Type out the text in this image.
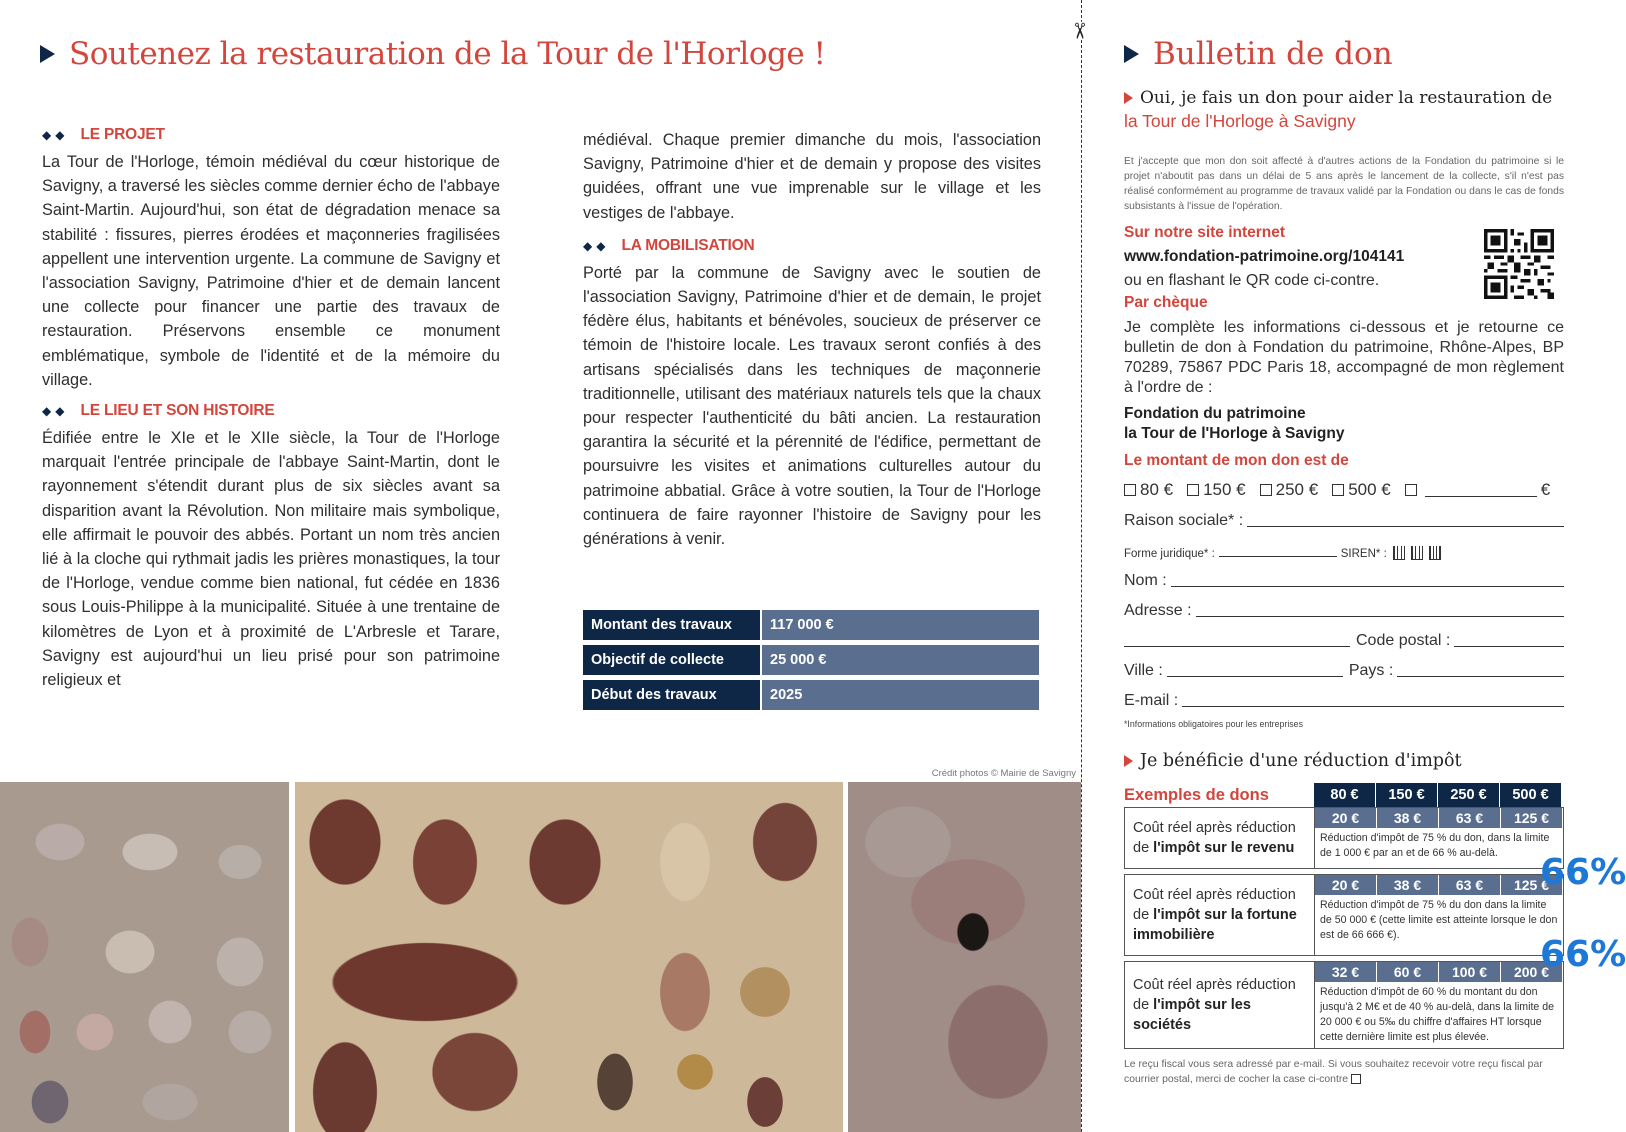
Soutenez la restauration de la Tour de l'Horloge !
◆◆ LE PROJET

La Tour de l'Horloge, témoin médiéval du cœur historique de Savigny, a traversé les siècles comme dernier écho de l'abbaye Saint-Martin. Aujourd'hui, son état de dégradation menace sa stabilité : fissures, pierres érodées et maçonneries fragilisées appellent une intervention urgente. La commune de Savigny et l'association Savigny, Patrimoine d'hier et de demain lancent une collecte pour financer une partie des travaux de restauration. Préservons ensemble ce monument emblématique, symbole de l'identité et de la mémoire du village.

◆◆ LE LIEU ET SON HISTOIRE

Édifiée entre le XIe et le XIIe siècle, la Tour de l'Horloge marquait l'entrée principale de l'abbaye Saint-Martin, dont le rayonnement s'étendit durant plus de six siècles avant sa disparition avant la Révolution. Non militaire mais symbolique, elle affirmait le pouvoir des abbés. Portant un nom très ancien lié à la cloche qui rythmait jadis les prières monastiques, la tour de l'Horloge, vendue comme bien national, fut cédée en 1836 sous Louis-Philippe à la municipalité. Située à une trentaine de kilomètres de Lyon et à proximité de L'Arbresle et Tarare, Savigny est aujourd'hui un lieu prisé pour son patrimoine religieux et

médiéval. Chaque premier dimanche du mois, l'association Savigny, Patrimoine d'hier et de demain y propose des visites guidées, offrant une vue imprenable sur le village et les vestiges de l'abbaye.

◆◆ LA MOBILISATION

Porté par la commune de Savigny avec le soutien de l'association Savigny, Patrimoine d'hier et de demain, le projet fédère élus, habitants et bénévoles, soucieux de préserver ce témoin de l'histoire locale. Les travaux seront confiés à des artisans spécialisés dans les techniques de maçonnerie traditionnelle, utilisant des matériaux naturels tels que la chaux pour respecter l'authenticité du bâti ancien. La restauration garantira la sécurité et la pérennité de l'édifice, permettant de poursuivre les visites et animations culturelles autour du patrimoine abbatial. Grâce à votre soutien, la Tour de l'Horloge continuera de faire rayonner l'histoire de Savigny pour les générations à venir.

Montant des travaux	117 000 €
Objectif de collecte	25 000 €
Début des travaux	2025
Crédit photos © Mairie de Savigny
✂
Bulletin de don
Oui, je fais un don pour aider la restauration de
la Tour de l'Horloge à Savigny
Et j'accepte que mon don soit affecté à d'autres actions de la Fondation du patrimoine si le projet n'aboutit pas dans un délai de 5 ans après le lancement de la collecte, s'il n'est pas réalisé conformément au programme de travaux validé par la Fondation ou dans le cas de fonds subsistants à l'issue de l'opération.
Sur notre site internet
www.fondation-patrimoine.org/104141
ou en flashant le QR code ci-contre.
Par chèque
Je complète les informations ci-dessous et je retourne ce bulletin de don à Fondation du patrimoine, Rhône-Alpes, BP 70289, 75867 PDC Paris 18, accompagné de mon règlement à l'ordre de :
Fondation du patrimoine
la Tour de l'Horloge à Savigny
Le montant de mon don est de
80 € 150 € 250 € 500 €	€
Raison sociale* :
Forme juridique* :	SIREN* :
Nom :
Adresse :
Code postal :
Ville :	Pays :
E-mail :
*Informations obligatoires pour les entreprises
Je bénéficie d'une réduction d'impôt
Exemples de dons	80 €	150 €	250 €	500 €
Coût réel après réduction de l'impôt sur le revenu
20 €	38 €	63 €	125 €
Réduction d'impôt de 75 % du don, dans la limite de 1 000 € par an et de 66 % au-delà.
Coût réel après réduction de l'impôt sur la fortune immobilière
20 €	38 €	63 €	125 €
Réduction d'impôt de 75 % du don dans la limite de 50 000 € (cette limite est atteinte lorsque le don est de 66 666 €).
Coût réel après réduction de l'impôt sur les sociétés
32 €	60 €	100 €	200 €
Réduction d'impôt de 60 % du montant du don jusqu'à 2 M€ et de 40 % au-delà, dans la limite de 20 000 € ou 5‰ du chiffre d'affaires HT lorsque cette dernière limite est plus élevée.
Le reçu fiscal vous sera adressé par e-mail. Si vous souhaitez recevoir votre reçu fiscal par courrier postal, merci de cocher la case ci-contre
66%
66%
